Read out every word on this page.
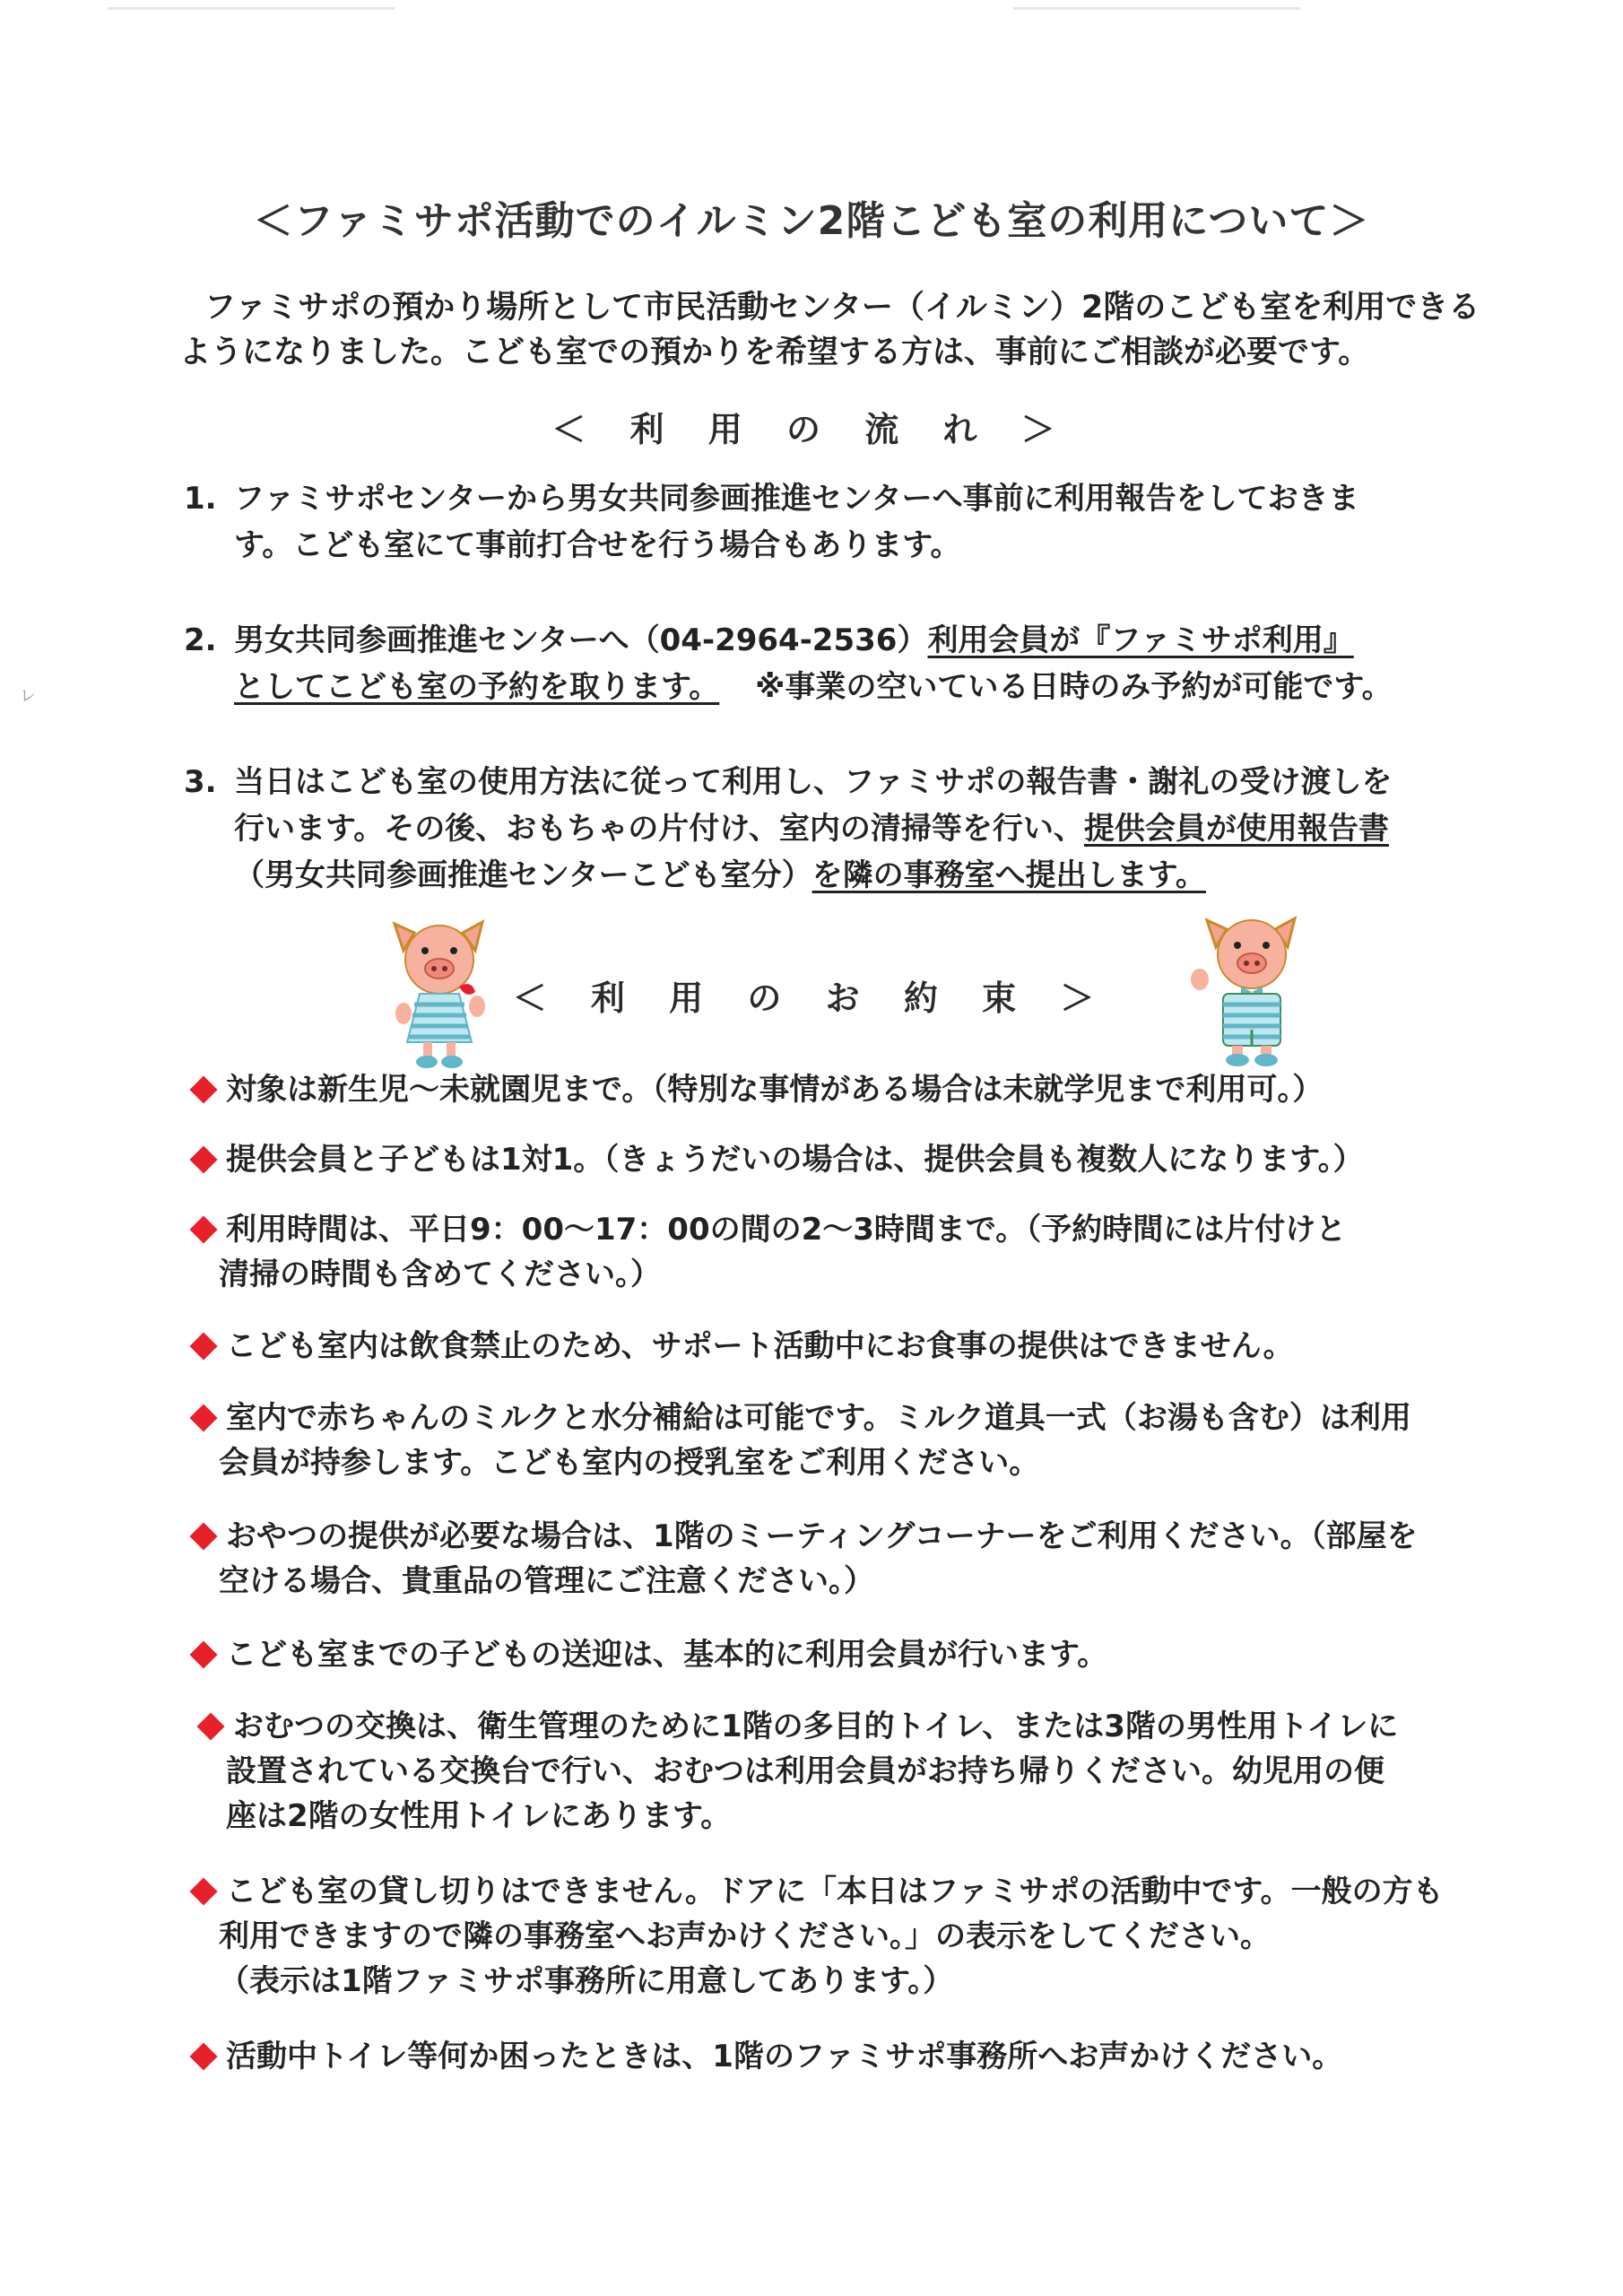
レ
＜ファミサポ活動でのイルミン2階こども室の利用について＞
ファミサポの預かり場所として市民活動センター（イルミン）2階のこども室を利用できる
ようになりました。こども室での預かりを希望する方は、事前にご相談が必要です。
＜ 利 用 の 流 れ ＞
1. ファミサポセンターから男女共同参画推進センターへ事前に利用報告をしておきま
す。こども室にて事前打合せを行う場合もあります。
2. 男女共同参画推進センターへ（04-2964-2536）利用会員が『ファミサポ利用』
としてこども室の予約を取ります。 ※事業の空いている日時のみ予約が可能です。
3. 当日はこども室の使用方法に従って利用し、ファミサポの報告書・謝礼の受け渡しを
行います。その後、おもちゃの片付け、室内の清掃等を行い、提供会員が使用報告書
（男女共同参画推進センターこども室分）を隣の事務室へ提出します。
＜ 利 用 の お 約 束 ＞
対象は新生児～未就園児まで。（特別な事情がある場合は未就学児まで利用可。）
提供会員と子どもは1対1。（きょうだいの場合は、提供会員も複数人になります。）
利用時間は、平日9：00～17：00の間の2～3時間まで。（予約時間には片付けと
清掃の時間も含めてください。）
こども室内は飲食禁止のため、サポート活動中にお食事の提供はできません。
室内で赤ちゃんのミルクと水分補給は可能です。ミルク道具一式（お湯も含む）は利用
会員が持参します。こども室内の授乳室をご利用ください。
おやつの提供が必要な場合は、1階のミーティングコーナーをご利用ください。（部屋を
空ける場合、貴重品の管理にご注意ください。）
こども室までの子どもの送迎は、基本的に利用会員が行います。
おむつの交換は、衛生管理のために1階の多目的トイレ、または3階の男性用トイレに
設置されている交換台で行い、おむつは利用会員がお持ち帰りください。幼児用の便
座は2階の女性用トイレにあります。
こども室の貸し切りはできません。ドアに「本日はファミサポの活動中です。一般の方も
利用できますので隣の事務室へお声かけください。」の表示をしてください。
（表示は1階ファミサポ事務所に用意してあります。）
活動中トイレ等何か困ったときは、1階のファミサポ事務所へお声かけください。
